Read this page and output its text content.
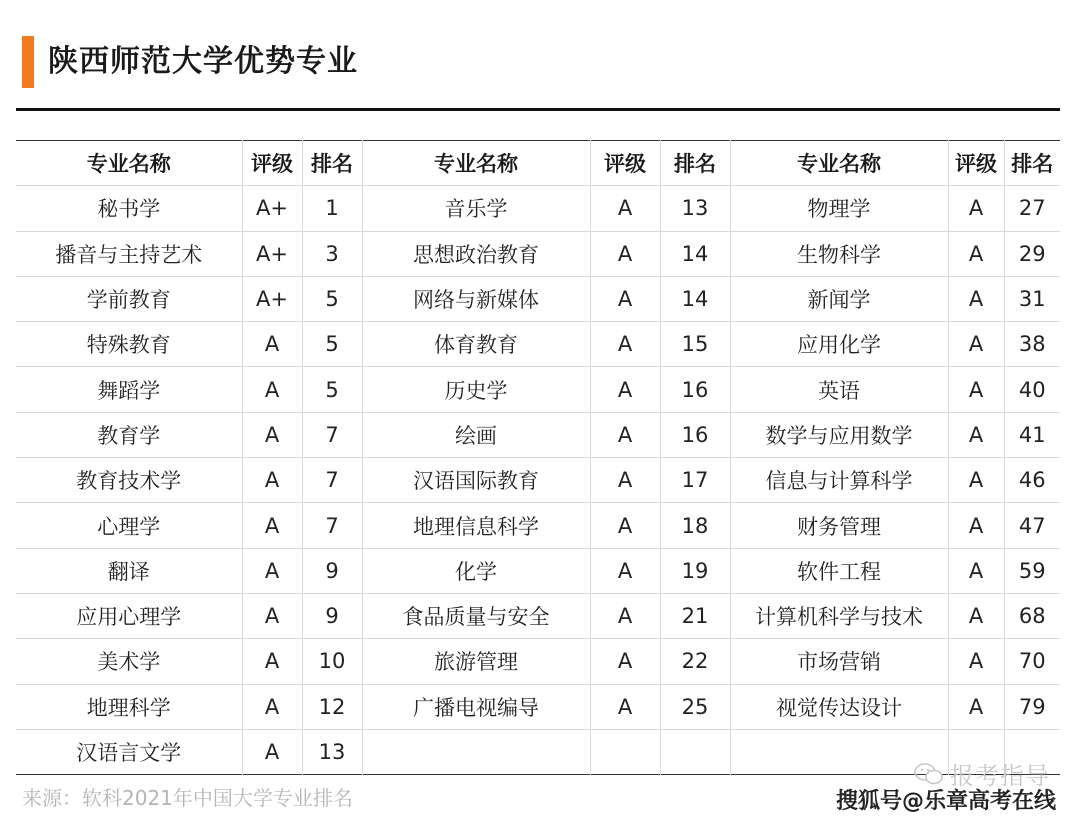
陕西师范大学优势专业
专业名称	评级	排名	专业名称	评级	排名	专业名称	评级	排名
秘书学	A+	1	音乐学	A	13	物理学	A	27
播音与主持艺术	A+	3	思想政治教育	A	14	生物科学	A	29
学前教育	A+	5	网络与新媒体	A	14	新闻学	A	31
特殊教育	A	5	体育教育	A	15	应用化学	A	38
舞蹈学	A	5	历史学	A	16	英语	A	40
教育学	A	7	绘画	A	16	数学与应用数学	A	41
教育技术学	A	7	汉语国际教育	A	17	信息与计算科学	A	46
心理学	A	7	地理信息科学	A	18	财务管理	A	47
翻译	A	9	化学	A	19	软件工程	A	59
应用心理学	A	9	食品质量与安全	A	21	计算机科学与技术	A	68
美术学	A	10	旅游管理	A	22	市场营销	A	70
地理科学	A	12	广播电视编导	A	25	视觉传达设计	A	79
汉语言文学	A	13						
来源：软科2021年中国大学专业排名
报考指导
搜狐号@乐章高考在线
